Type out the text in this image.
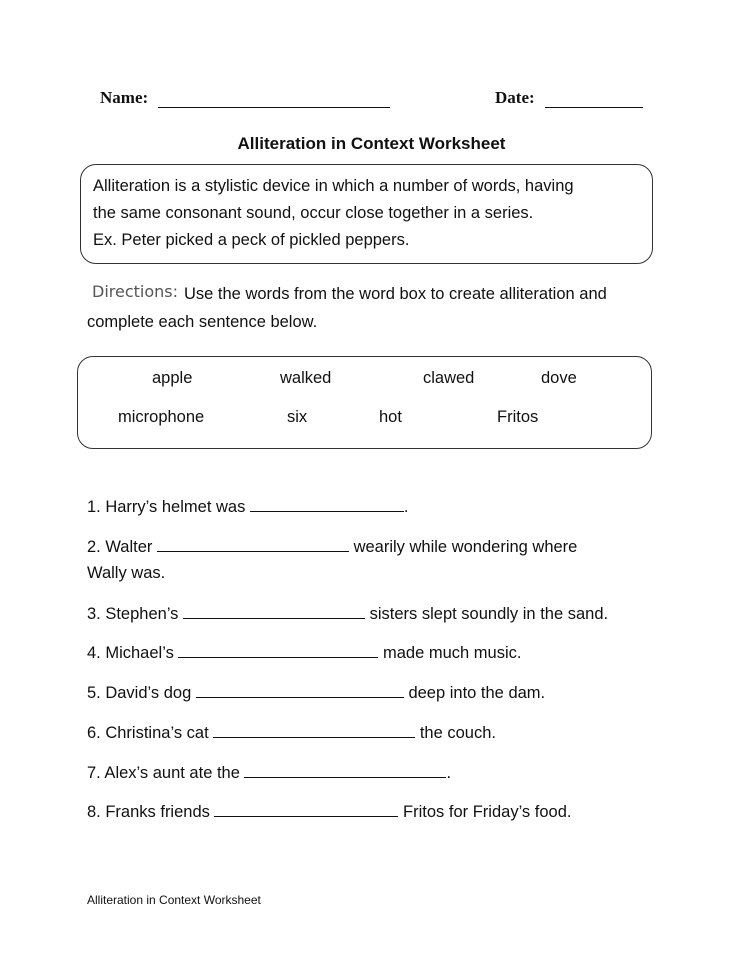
Name:	Date:
Alliteration in Context Worksheet
Alliteration is a stylistic device in which a number of words, having
the same consonant sound, occur close together in a series.
Ex. Peter picked a peck of pickled peppers.
Directions: Use the words from the word box to create alliteration and
complete each sentence below.
apple	walked	clawed	dove
microphone	six	hot	Fritos
1. Harry’s helmet was	.
2. Walter	wearily while wondering where
Wally was.
3. Stephen’s	sisters slept soundly in the sand.
4. Michael’s	made much music.
5. David’s dog	deep into the dam.
6. Christina’s cat	the couch.
7. Alex’s aunt ate the	.
8. Franks friends	Fritos for Friday’s food.
Alliteration in Context Worksheet
